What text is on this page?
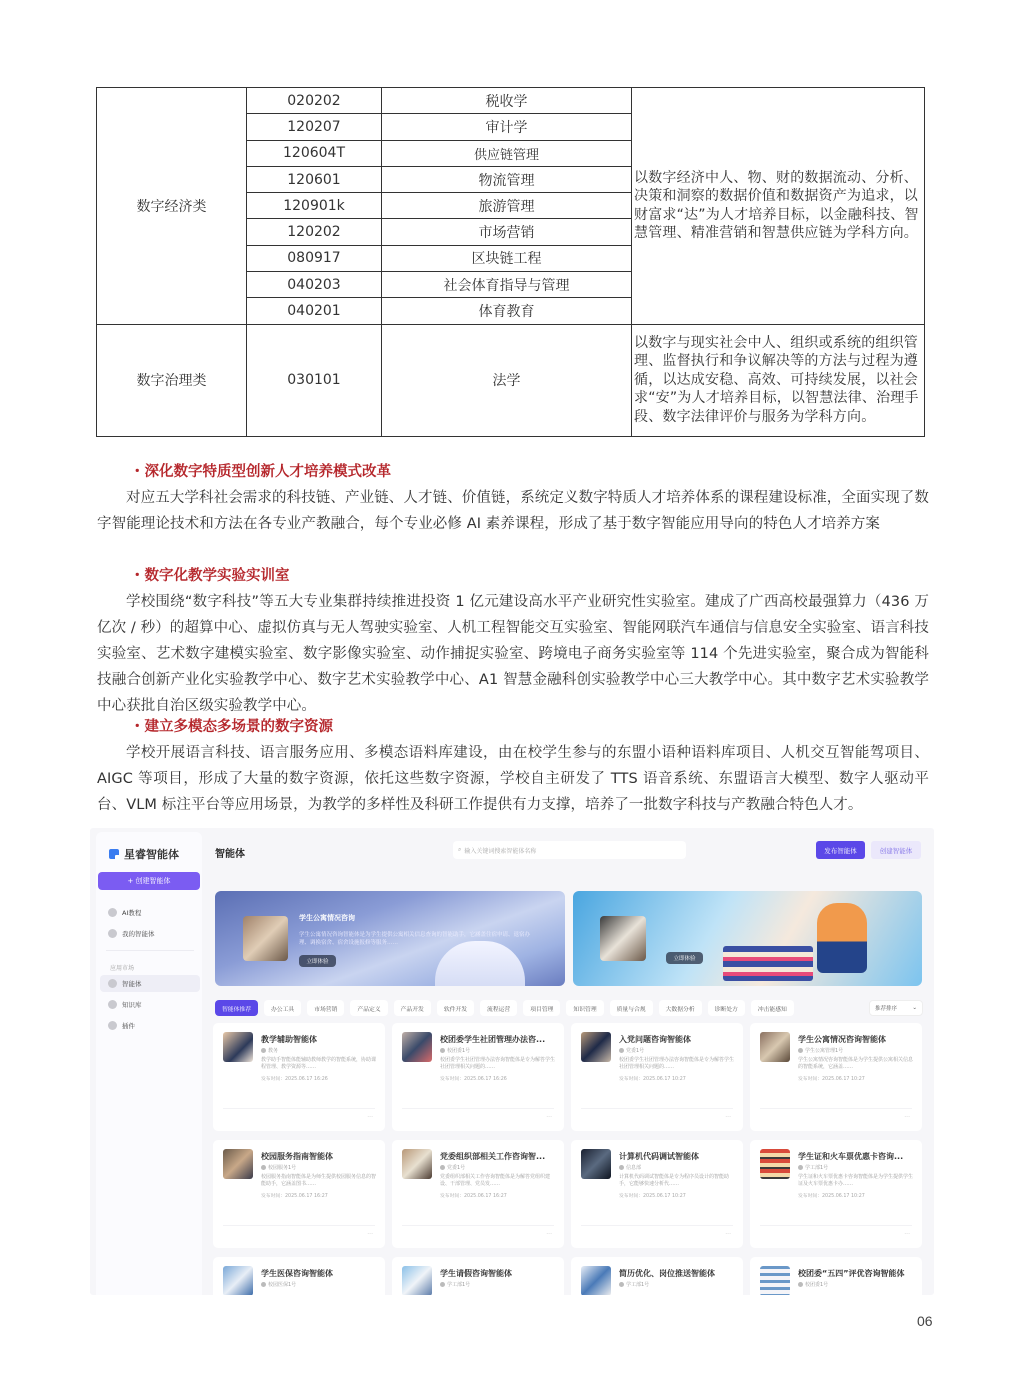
数字经济类	020202	税收学	以数字经济中人、物、财的数据流动、分析、决策和洞察的数据价值和数据资产为追求，以财富求“达”为人才培养目标，以金融科技、智慧管理、精准营销和智慧供应链为学科方向。
	120207	审计学	
	120604T	供应链管理	
	120601	物流管理	
	120901k	旅游管理	
	120202	市场营销	
	080917	区块链工程	
	040203	社会体育指导与管理	
	040201	体育教育	
数字治理类	030101	法学	以数字与现实社会中人、组织或系统的组织管理、监督执行和争议解决等的方法与过程为遵循，以达成安稳、高效、可持续发展，以社会求“安”为人才培养目标，以智慧法律、治理手段、数字法律评价与服务为学科方向。
・深化数字特质型创新人才培养模式改革

对应五大学科社会需求的科技链、产业链、人才链、价值链，系统定义数字特质人才培养体系的课程建设标准，全面实现了数字智能理论技术和方法在各专业产教融合，每个专业必修 AI 素养课程，形成了基于数字智能应用导向的特色人才培养方案

・数字化教学实验实训室

学校围绕“数字科技”等五大专业集群持续推进投资 1 亿元建设高水平产业研究性实验室。建成了广西高校最强算力（436 万亿次 / 秒）的超算中心、虚拟仿真与无人驾驶实验室、人机工程智能交互实验室、智能网联汽车通信与信息安全实验室、语言科技实验室、艺术数字建模实验室、数字影像实验室、动作捕捉实验室、跨境电子商务实验室等 114 个先进实验室，聚合成为智能科技融合创新产业化实验教学中心、数字艺术实验教学中心、A1 智慧金融科创实验教学中心三大教学中心。其中数字艺术实验教学中心获批自治区级实验教学中心。

・建立多模态多场景的数字资源

学校开展语言科技、语言服务应用、多模态语料库建设，由在校学生参与的东盟小语种语料库项目、人机交互智能驾项目、AIGC 等项目，形成了大量的数字资源，依托这些数字资源，学校自主研发了 TTS 语音系统、东盟语言大模型、数字人驱动平台、VLM 标注平台等应用场景，为教学的多样性及科研工作提供有力支撑，培养了一批数字科技与产教融合特色人才。

星睿智能体
+ 创建智能体
AI教程
我的智能体
应用市场
智能体
知识库
插件
智能体	⌕ 输入关键词搜索智能体名称	发布智能体	创建智能体
学生公寓情况咨询
学生公寓情况咨询智能体是为学生提供公寓相关信息查询的智能助手，它涵盖住宿申请、退宿办理、调换宿舍、宿舍设施报修等服务……
立即体验	立即体验
智能体推荐	办公工具	市场营销	产品定义	产品开发	软件开发	流程运营	项目管理	知识管理	质量与合规	大数据分析	诊断处方	冲击能感知	推荐排序	⌄
教学辅助智能体
教务
教学助手智能体能辅助教师教学的智能系统，协助课程管理、教学资源等……
发布时间：2025.06.17 16:26
···
校团委学生社团管理办法咨...
校团委1号
校团委学生社团管理办法咨询智能体是专为解答学生社团管理相关问题的……
发布时间：2025.06.17 16:26
···
入党问题咨询智能体
党委1号
校团委学生社团管理办法咨询智能体是专为解答学生社团管理相关问题的……
发布时间：2025.06.17 10:27
···
学生公寓情况咨询智能体
学生公寓管理1号
学生公寓情况咨询智能体是为学生提供公寓相关信息的智能系统，它涵盖……
发布时间：2025.06.17 10:27
···
校园服务指南智能体
校园服务1号
校园服务指南智能体是为师生提供校园服务信息的智能助手，它涵盖图书……
发布时间：2025.06.17 16:27
···
党委组织部相关工作咨询智...
党委1号
党委组织部相关工作咨询智能体是为解答党组织建设、干部管理、党员发……
发布时间：2025.06.17 16:27
···
计算机代码调试智能体
信息部
计算机代码调试智能体是专为程序员设计的智能助手，它能够快速分析代……
发布时间：2025.06.17 10:27
···
学生证和火车票优惠卡咨询...
学工部1号
学生证和火车票优惠卡咨询智能体是为学生提供学生证及火车票优惠卡办……
发布时间：2025.06.17 10:27
···
学生医保咨询智能体
校园医保1号
学生请假咨询智能体
学工部1号
简历优化、岗位推送智能体
学工部1号
校团委“五四”评优咨询智能体
校团委1号
06
